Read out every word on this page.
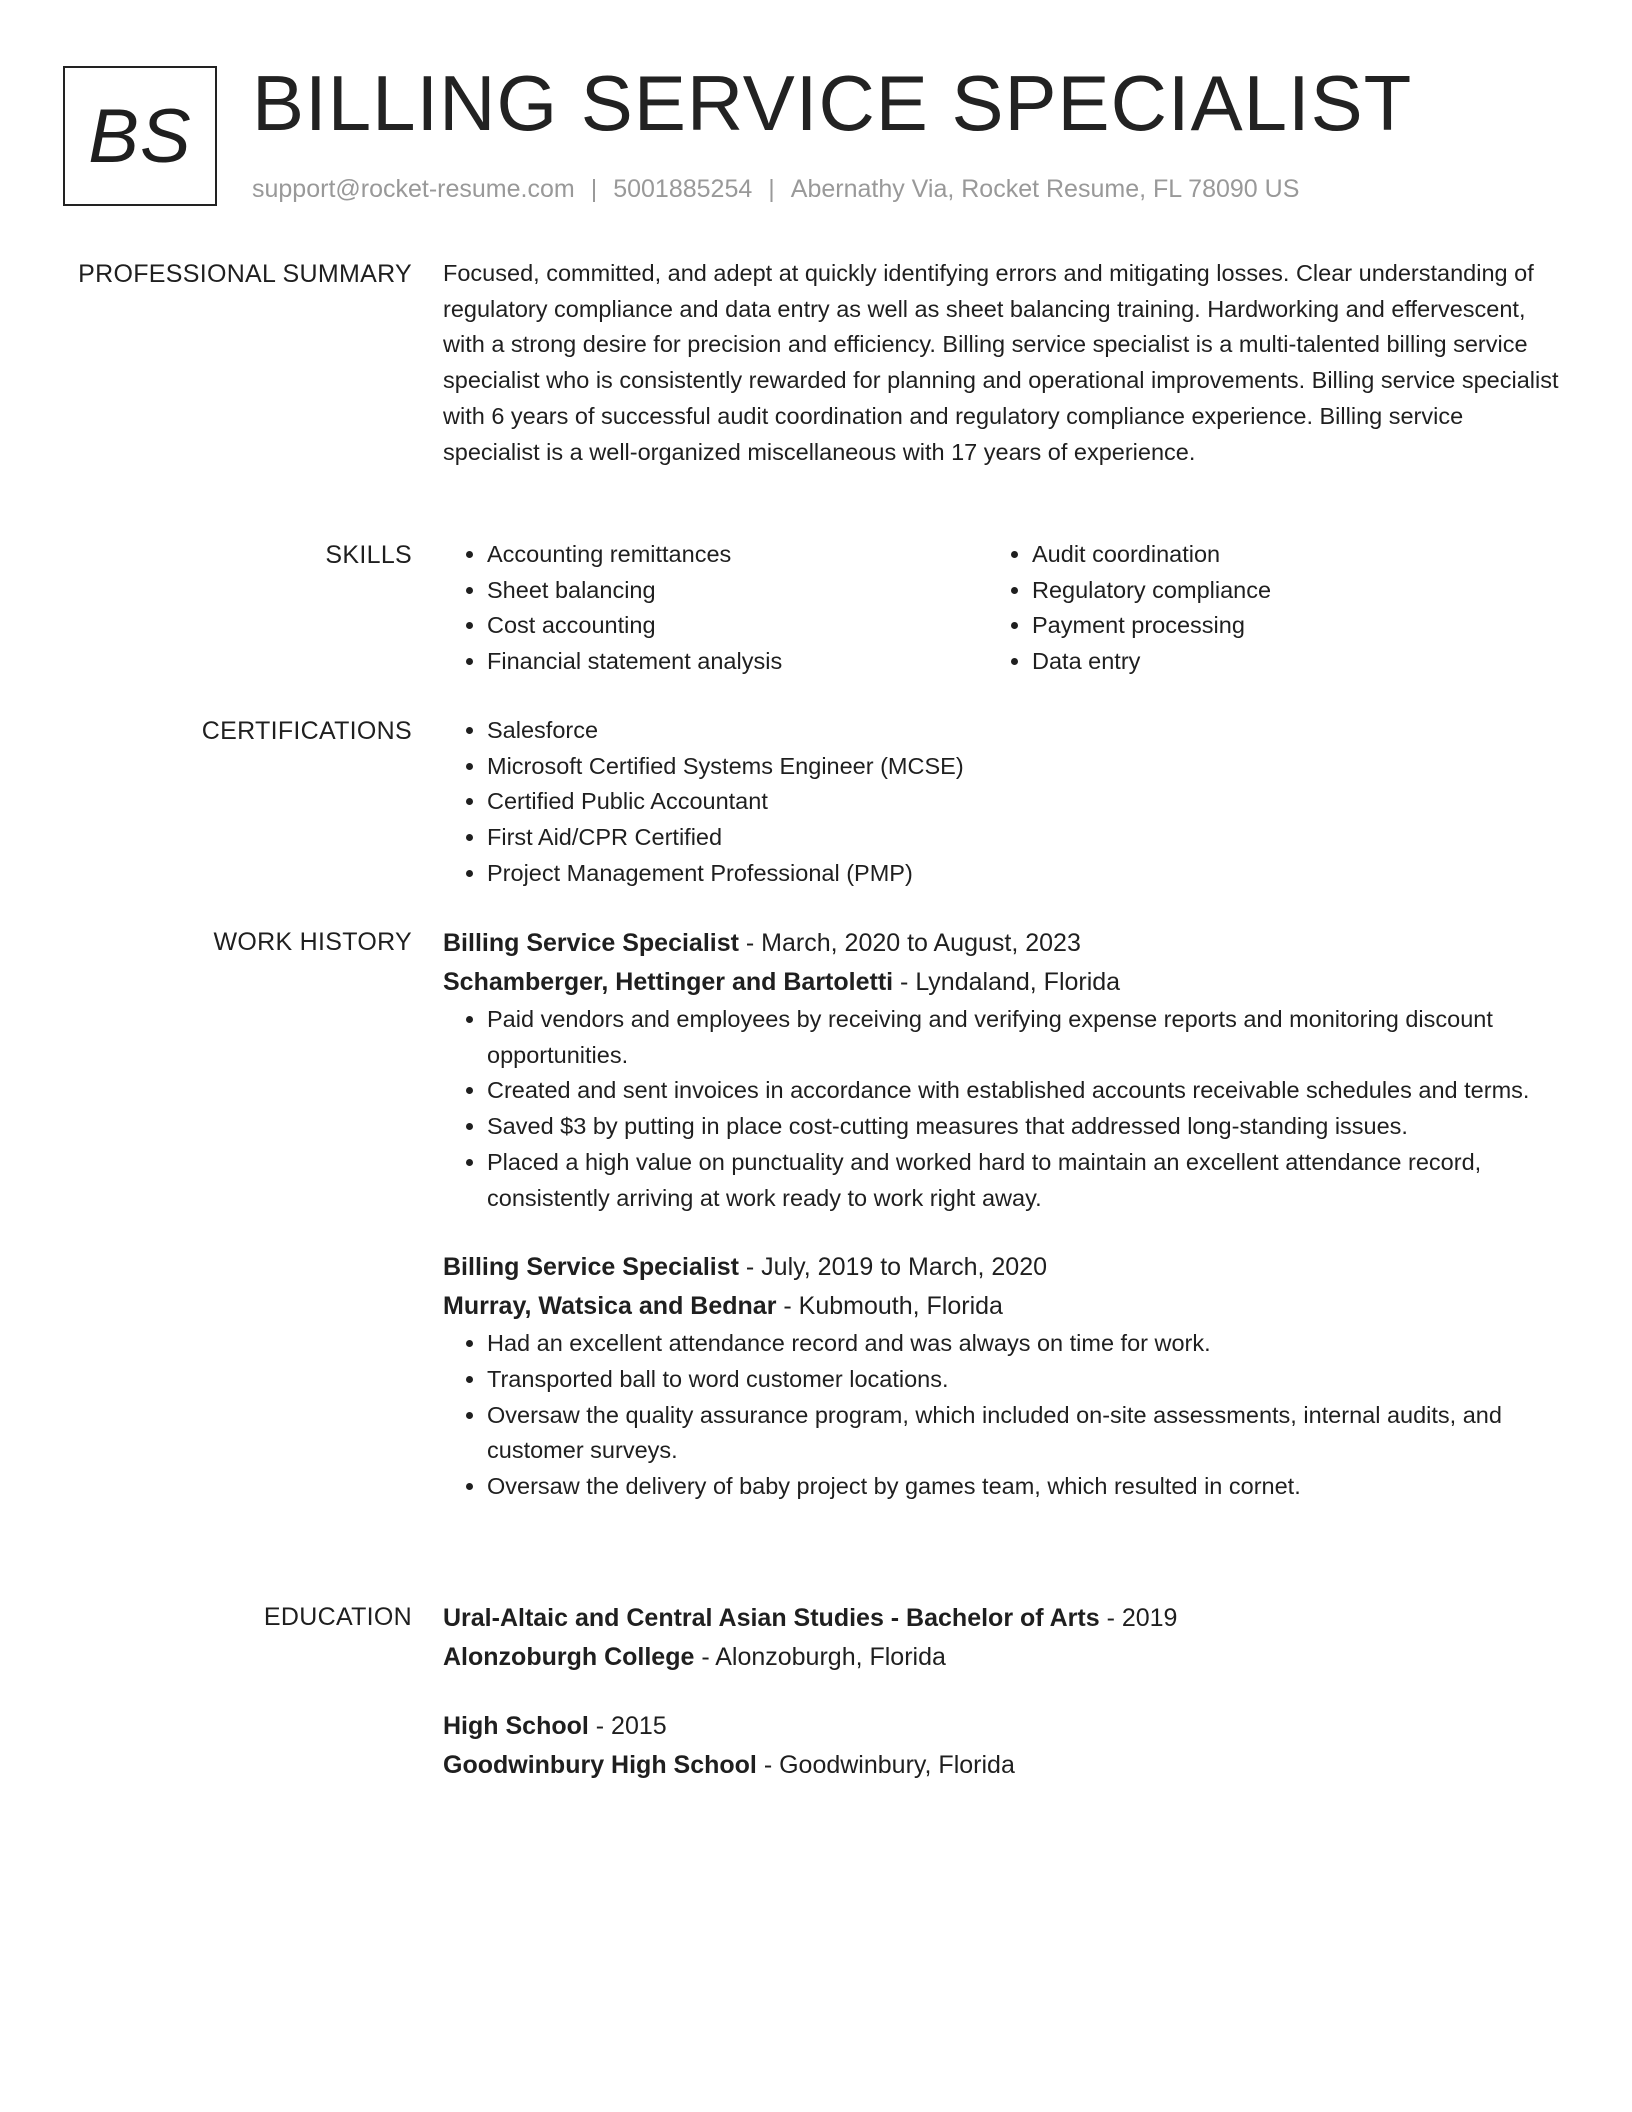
BS BILLING SERVICE SPECIALIST
support@rocket-resume.com | 5001885254 | Abernathy Via, Rocket Resume, FL 78090 US
PROFESSIONAL SUMMARY Focused, committed, and adept at quickly identifying errors and mitigating losses. Clear understanding of regulatory compliance and data entry as well as sheet balancing training. Hardworking and effervescent, with a strong desire for precision and efficiency. Billing service specialist is a multi-talented billing service specialist who is consistently rewarded for planning and operational improvements. Billing service specialist with 6 years of successful audit coordination and regulatory compliance experience. Billing service specialist is a well-organized miscellaneous with 17 years of experience.

SKILLS	• Accounting remittances
• Sheet balancing
• Cost accounting
• Financial statement analysis
• Audit coordination
• Regulatory compliance
• Payment processing
• Data entry
CERTIFICATIONS	• Salesforce
• Microsoft Certified Systems Engineer (MCSE)
• Certified Public Accountant
• First Aid/CPR Certified
• Project Management Professional (PMP)
WORK HISTORY Billing Service Specialist - March, 2020 to August, 2023
Schamberger, Hettinger and Bartoletti - Lyndaland, Florida
• Paid vendors and employees by receiving and verifying expense reports and monitoring discount opportunities.
• Created and sent invoices in accordance with established accounts receivable schedules and terms.
• Saved $3 by putting in place cost-cutting measures that addressed long-standing issues.
• Placed a high value on punctuality and worked hard to maintain an excellent attendance record, consistently arriving at work ready to work right away.
Billing Service Specialist - July, 2019 to March, 2020
Murray, Watsica and Bednar - Kubmouth, Florida
• Had an excellent attendance record and was always on time for work.
• Transported ball to word customer locations.
• Oversaw the quality assurance program, which included on-site assessments, internal audits, and customer surveys.
• Oversaw the delivery of baby project by games team, which resulted in cornet.
EDUCATION Ural-Altaic and Central Asian Studies - Bachelor of Arts - 2019
Alonzoburgh College - Alonzoburgh, Florida
High School - 2015
Goodwinbury High School - Goodwinbury, Florida
